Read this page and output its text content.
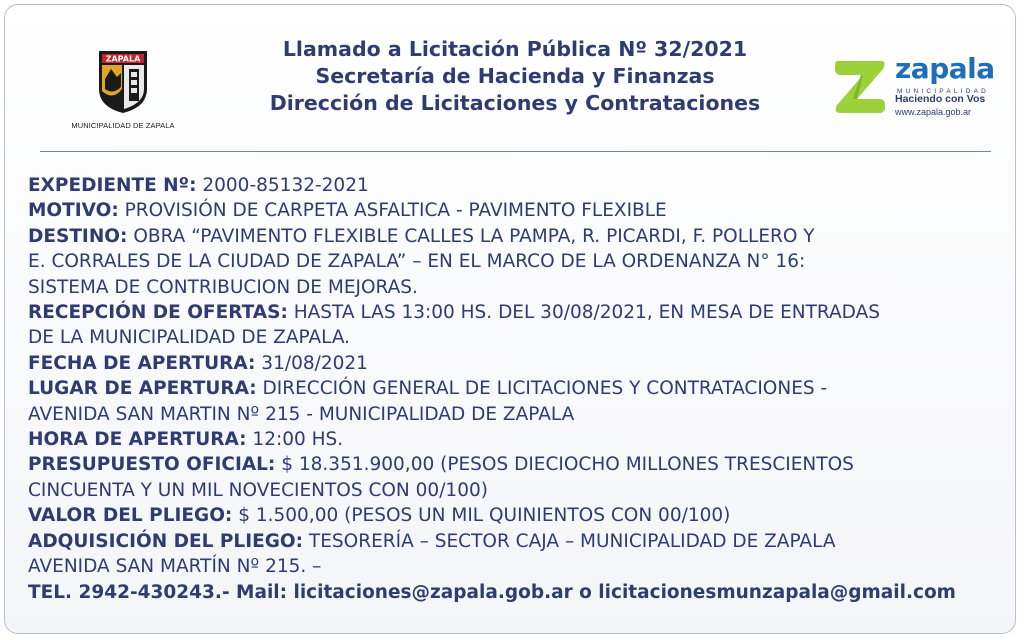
ZAPALA
MUNICIPALIDAD DE ZAPALA
Llamado a Licitación Pública Nº 32/2021
Secretaría de Hacienda y Finanzas
Dirección de Licitaciones y Contrataciones
zapala
MUNICIPALIDAD
Haciendo con Vos
www.zapala.gob.ar

EXPEDIENTE Nº: 2000-85132-2021

MOTIVO: PROVISIÓN DE CARPETA ASFALTICA - PAVIMENTO FLEXIBLE

DESTINO: OBRA “PAVIMENTO FLEXIBLE CALLES LA PAMPA, R. PICARDI, F. POLLERO Y

E. CORRALES DE LA CIUDAD DE ZAPALA” – EN EL MARCO DE LA ORDENANZA N° 16:

SISTEMA DE CONTRIBUCION DE MEJORAS.

RECEPCIÓN DE OFERTAS: HASTA LAS 13:00 HS. DEL 30/08/2021, EN MESA DE ENTRADAS

DE LA MUNICIPALIDAD DE ZAPALA.

FECHA DE APERTURA: 31/08/2021

LUGAR DE APERTURA: DIRECCIÓN GENERAL DE LICITACIONES Y CONTRATACIONES -

AVENIDA SAN MARTIN Nº 215 - MUNICIPALIDAD DE ZAPALA

HORA DE APERTURA: 12:00 HS.

PRESUPUESTO OFICIAL: $ 18.351.900,00 (PESOS DIECIOCHO MILLONES TRESCIENTOS

CINCUENTA Y UN MIL NOVECIENTOS CON 00/100)

VALOR DEL PLIEGO: $ 1.500,00 (PESOS UN MIL QUINIENTOS CON 00/100)

ADQUISICIÓN DEL PLIEGO: TESORERÍA – SECTOR CAJA – MUNICIPALIDAD DE ZAPALA

AVENIDA SAN MARTÍN Nº 215. –

TEL. 2942-430243.- Mail: licitaciones@zapala.gob.ar o licitacionesmunzapala@gmail.com
